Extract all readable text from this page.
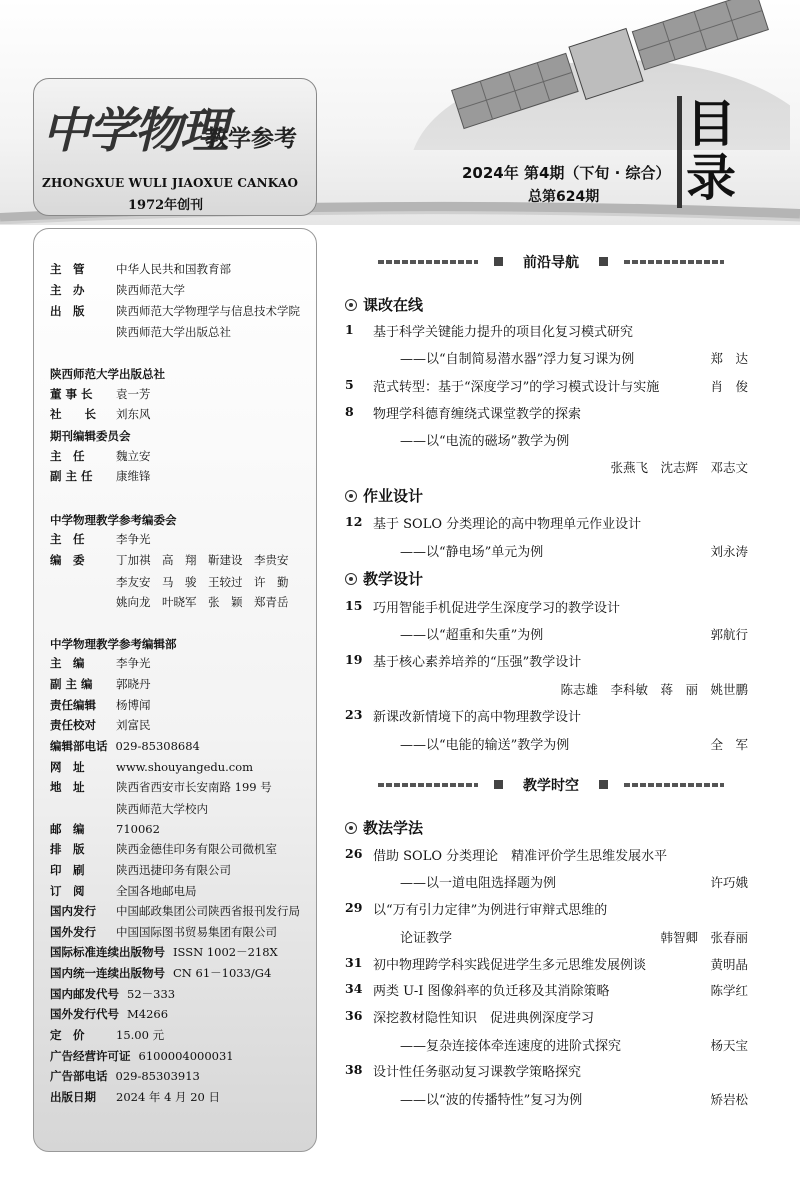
中学物理
教学参考
ZHONGXUE WULI JIAOXUE CANKAO
1972年创刊
2024年 第4期（下旬 · 综合）
总第624期
目
录
主　管	中华人民共和国教育部
主　办	陕西师范大学
出　版	陕西师范大学物理学与信息技术学院
陕西师范大学出版总社
陕西师范大学出版总社
董 事 长 袁一芳
社　　长 刘东风
期刊编辑委员会
主　任	魏立安
副 主 任 康维锋
中学物理教学参考编委会
主　任	李争光
编　委	丁加祺　高　翔　靳建设　李贵安
李友安　马　骏　王较过　许　勤
姚向龙　叶晓军　张　颖　郑青岳
中学物理教学参考编辑部
主　编	李争光
副 主 编 郭晓丹
责任编辑 杨博闻
责任校对 刘富民
编辑部电话 029-85308684
网　址	www.shouyangedu.com
地　址	陕西省西安市长安南路 199 号
陕西师范大学校内
邮　编	710062
排　版	陕西金德佳印务有限公司微机室
印　刷	陕西迅捷印务有限公司
订　阅	全国各地邮电局
国内发行 中国邮政集团公司陕西省报刊发行局
国外发行 中国国际图书贸易集团有限公司
国际标准连续出版物号 ISSN 1002－218X
国内统一连续出版物号 CN 61－1033/G4
国内邮发代号 52－333
国外发行代号 M4266
定　价	15.00 元
广告经营许可证 6100004000031
广告部电话 029-85303913
出版日期 2024 年 4 月 20 日
前沿导航
课改在线
1 基于科学关键能力提升的项目化复习模式研究
——以“自制简易潜水器”浮力复习课为例	郑　达
5 范式转型：基于“深度学习”的学习模式设计与实施	肖　俊
8 物理学科德育缠绕式课堂教学的探索
——以“电流的磁场”教学为例
张燕飞　沈志辉　邓志文
作业设计
12 基于 SOLO 分类理论的高中物理单元作业设计
——以“静电场”单元为例	刘永涛
教学设计
15 巧用智能手机促进学生深度学习的教学设计
——以“超重和失重”为例	郭航行
19 基于核心素养培养的“压强”教学设计
陈志雄　李科敏　蒋　丽　姚世鹏
23 新课改新情境下的高中物理教学设计
——以“电能的输送”教学为例	全　军
教学时空
教法学法
26 借助 SOLO 分类理论　精准评价学生思维发展水平
——以一道电阻选择题为例	许巧娥
29 以“万有引力定律”为例进行审辩式思维的
论证教学	韩智卿　张春丽
31 初中物理跨学科实践促进学生多元思维发展例谈	黄明晶
34 两类 U-I 图像斜率的负迁移及其消除策略	陈学红
36 深挖教材隐性知识　促进典例深度学习
——复杂连接体牵连速度的进阶式探究	杨天宝
38 设计性任务驱动复习课教学策略探究
——以“波的传播特性”复习为例	矫岩松
